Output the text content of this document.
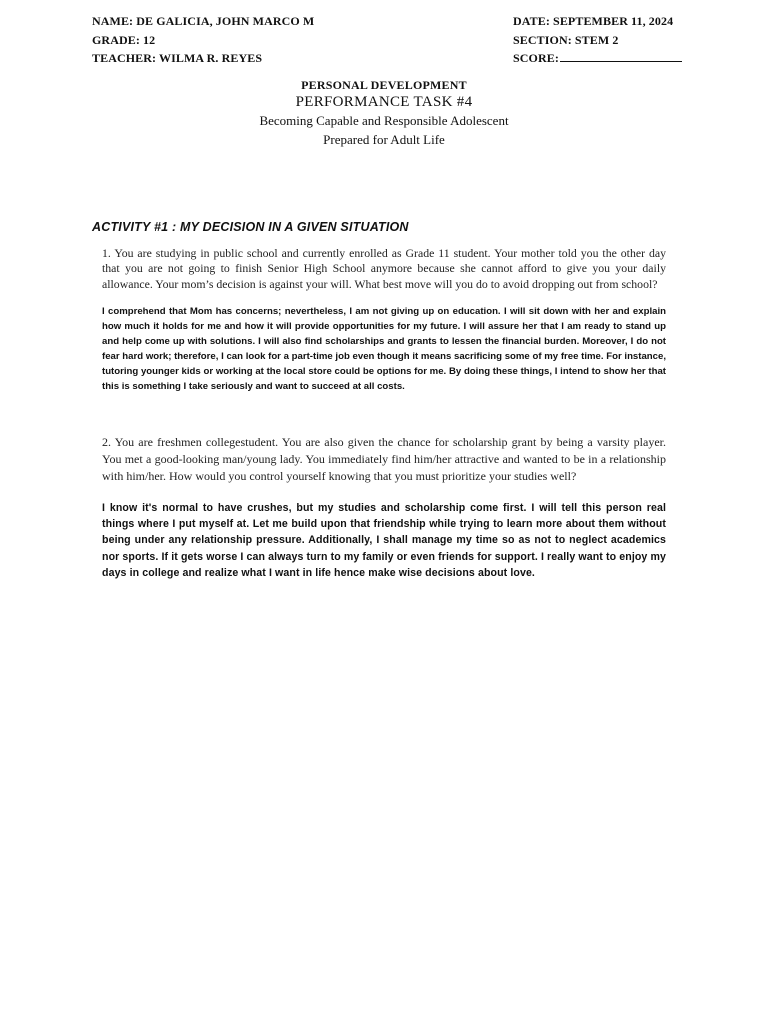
NAME: DE GALICIA, JOHN MARCO M
GRADE: 12
TEACHER: WILMA R. REYES
DATE: SEPTEMBER 11, 2024
SECTION: STEM 2
SCORE:
PERSONAL DEVELOPMENT
PERFORMANCE TASK #4
Becoming Capable and Responsible Adolescent
Prepared for Adult Life
ACTIVITY #1 : MY DECISION IN A GIVEN SITUATION
1. You are studying in public school and currently enrolled as Grade 11 student. Your mother told you the other day that you are not going to finish Senior High School anymore because she cannot afford to give you your daily allowance. Your mom’s decision is against your will. What best move will you do to avoid dropping out from school?
I comprehend that Mom has concerns; nevertheless, I am not giving up on education. I will sit down with her and explain how much it holds for me and how it will provide opportunities for my future. I will assure her that I am ready to stand up and help come up with solutions. I will also find scholarships and grants to lessen the financial burden. Moreover, I do not fear hard work; therefore, I can look for a part-time job even though it means sacrificing some of my free time. For instance, tutoring younger kids or working at the local store could be options for me. By doing these things, I intend to show her that this is something I take seriously and want to succeed at all costs.
2. You are freshmen collegestudent. You are also given the chance for scholarship grant by being a varsity player. You met a good-looking man/young lady. You immediately find him/her attractive and wanted to be in a relationship with him/her. How would you control yourself knowing that you must prioritize your studies well?
I know it's normal to have crushes, but my studies and scholarship come first. I will tell this person real things where I put myself at. Let me build upon that friendship while trying to learn more about them without being under any relationship pressure. Additionally, I shall manage my time so as not to neglect academics nor sports. If it gets worse I can always turn to my family or even friends for support. I really want to enjoy my days in college and realize what I want in life hence make wise decisions about love.
